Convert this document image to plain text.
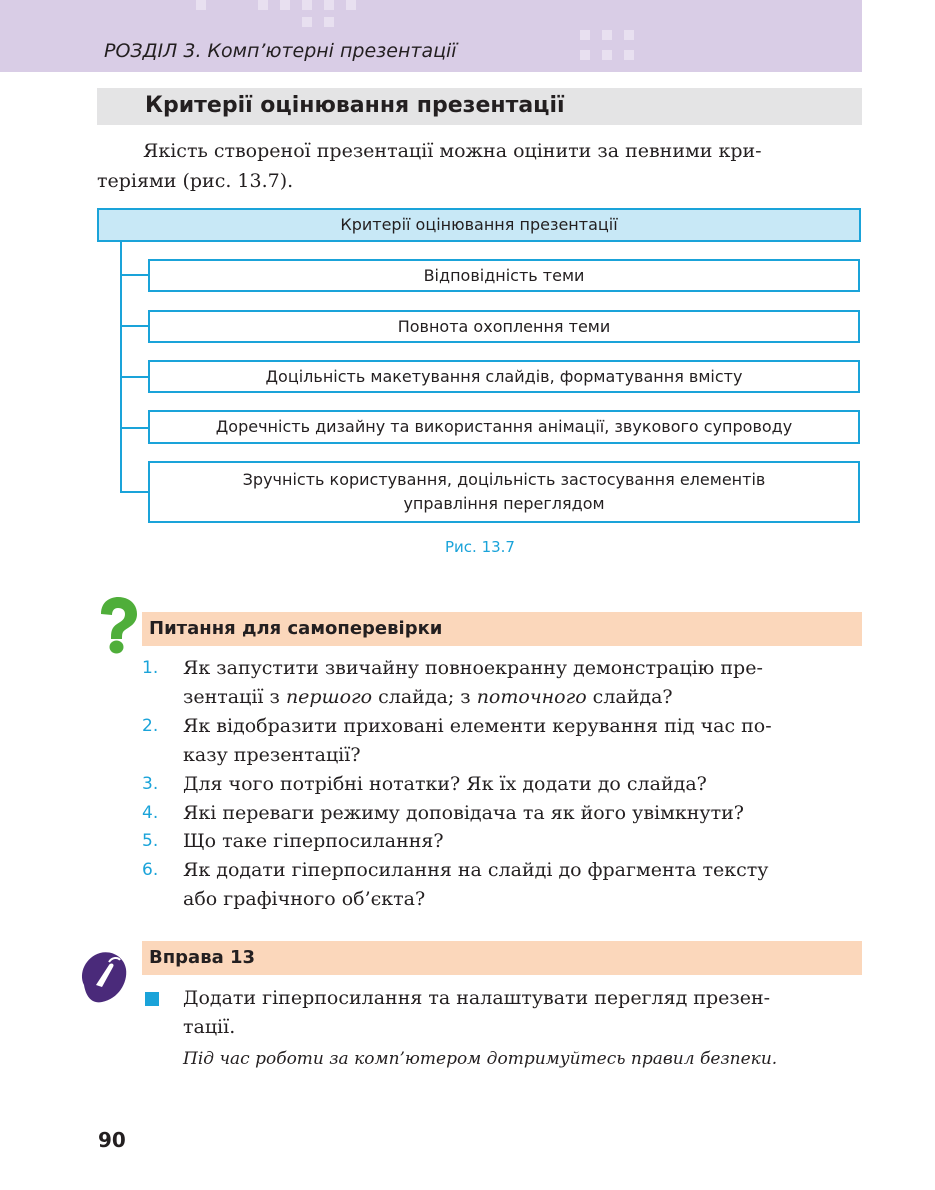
РОЗДІЛ 3. Комп’ютерні презентації
Критерії оцінювання презентації
Якість створеної презентації можна оцінити за певними кри-
теріями (рис. 13.7).
Критерії оцінювання презентації
Відповідність теми
Повнота охоплення теми
Доцільність макетування слайдів, форматування вмісту
Доречність дизайну та використання анімації, звукового супроводу
Зручність користування, доцільність застосування елементів
управління переглядом
Рис. 13.7
Питання для самоперевірки
1. Як запустити звичайну повноекранну демонстрацію пре-
зентації з першого слайда; з поточного слайда?
2. Як відобразити приховані елементи керування під час по-
казу презентації?
3. Для чого потрібні нотатки? Як їх додати до слайда?
4. Які переваги режиму доповідача та як його увімкнути?
5. Що таке гіперпосилання?
6. Як додати гіперпосилання на слайді до фрагмента тексту
або графічного об’єкта?
Вправа 13
Додати гіперпосилання та налаштувати перегляд презен-
тації.
Під час роботи за комп’ютером дотримуйтесь правил безпеки.
90
